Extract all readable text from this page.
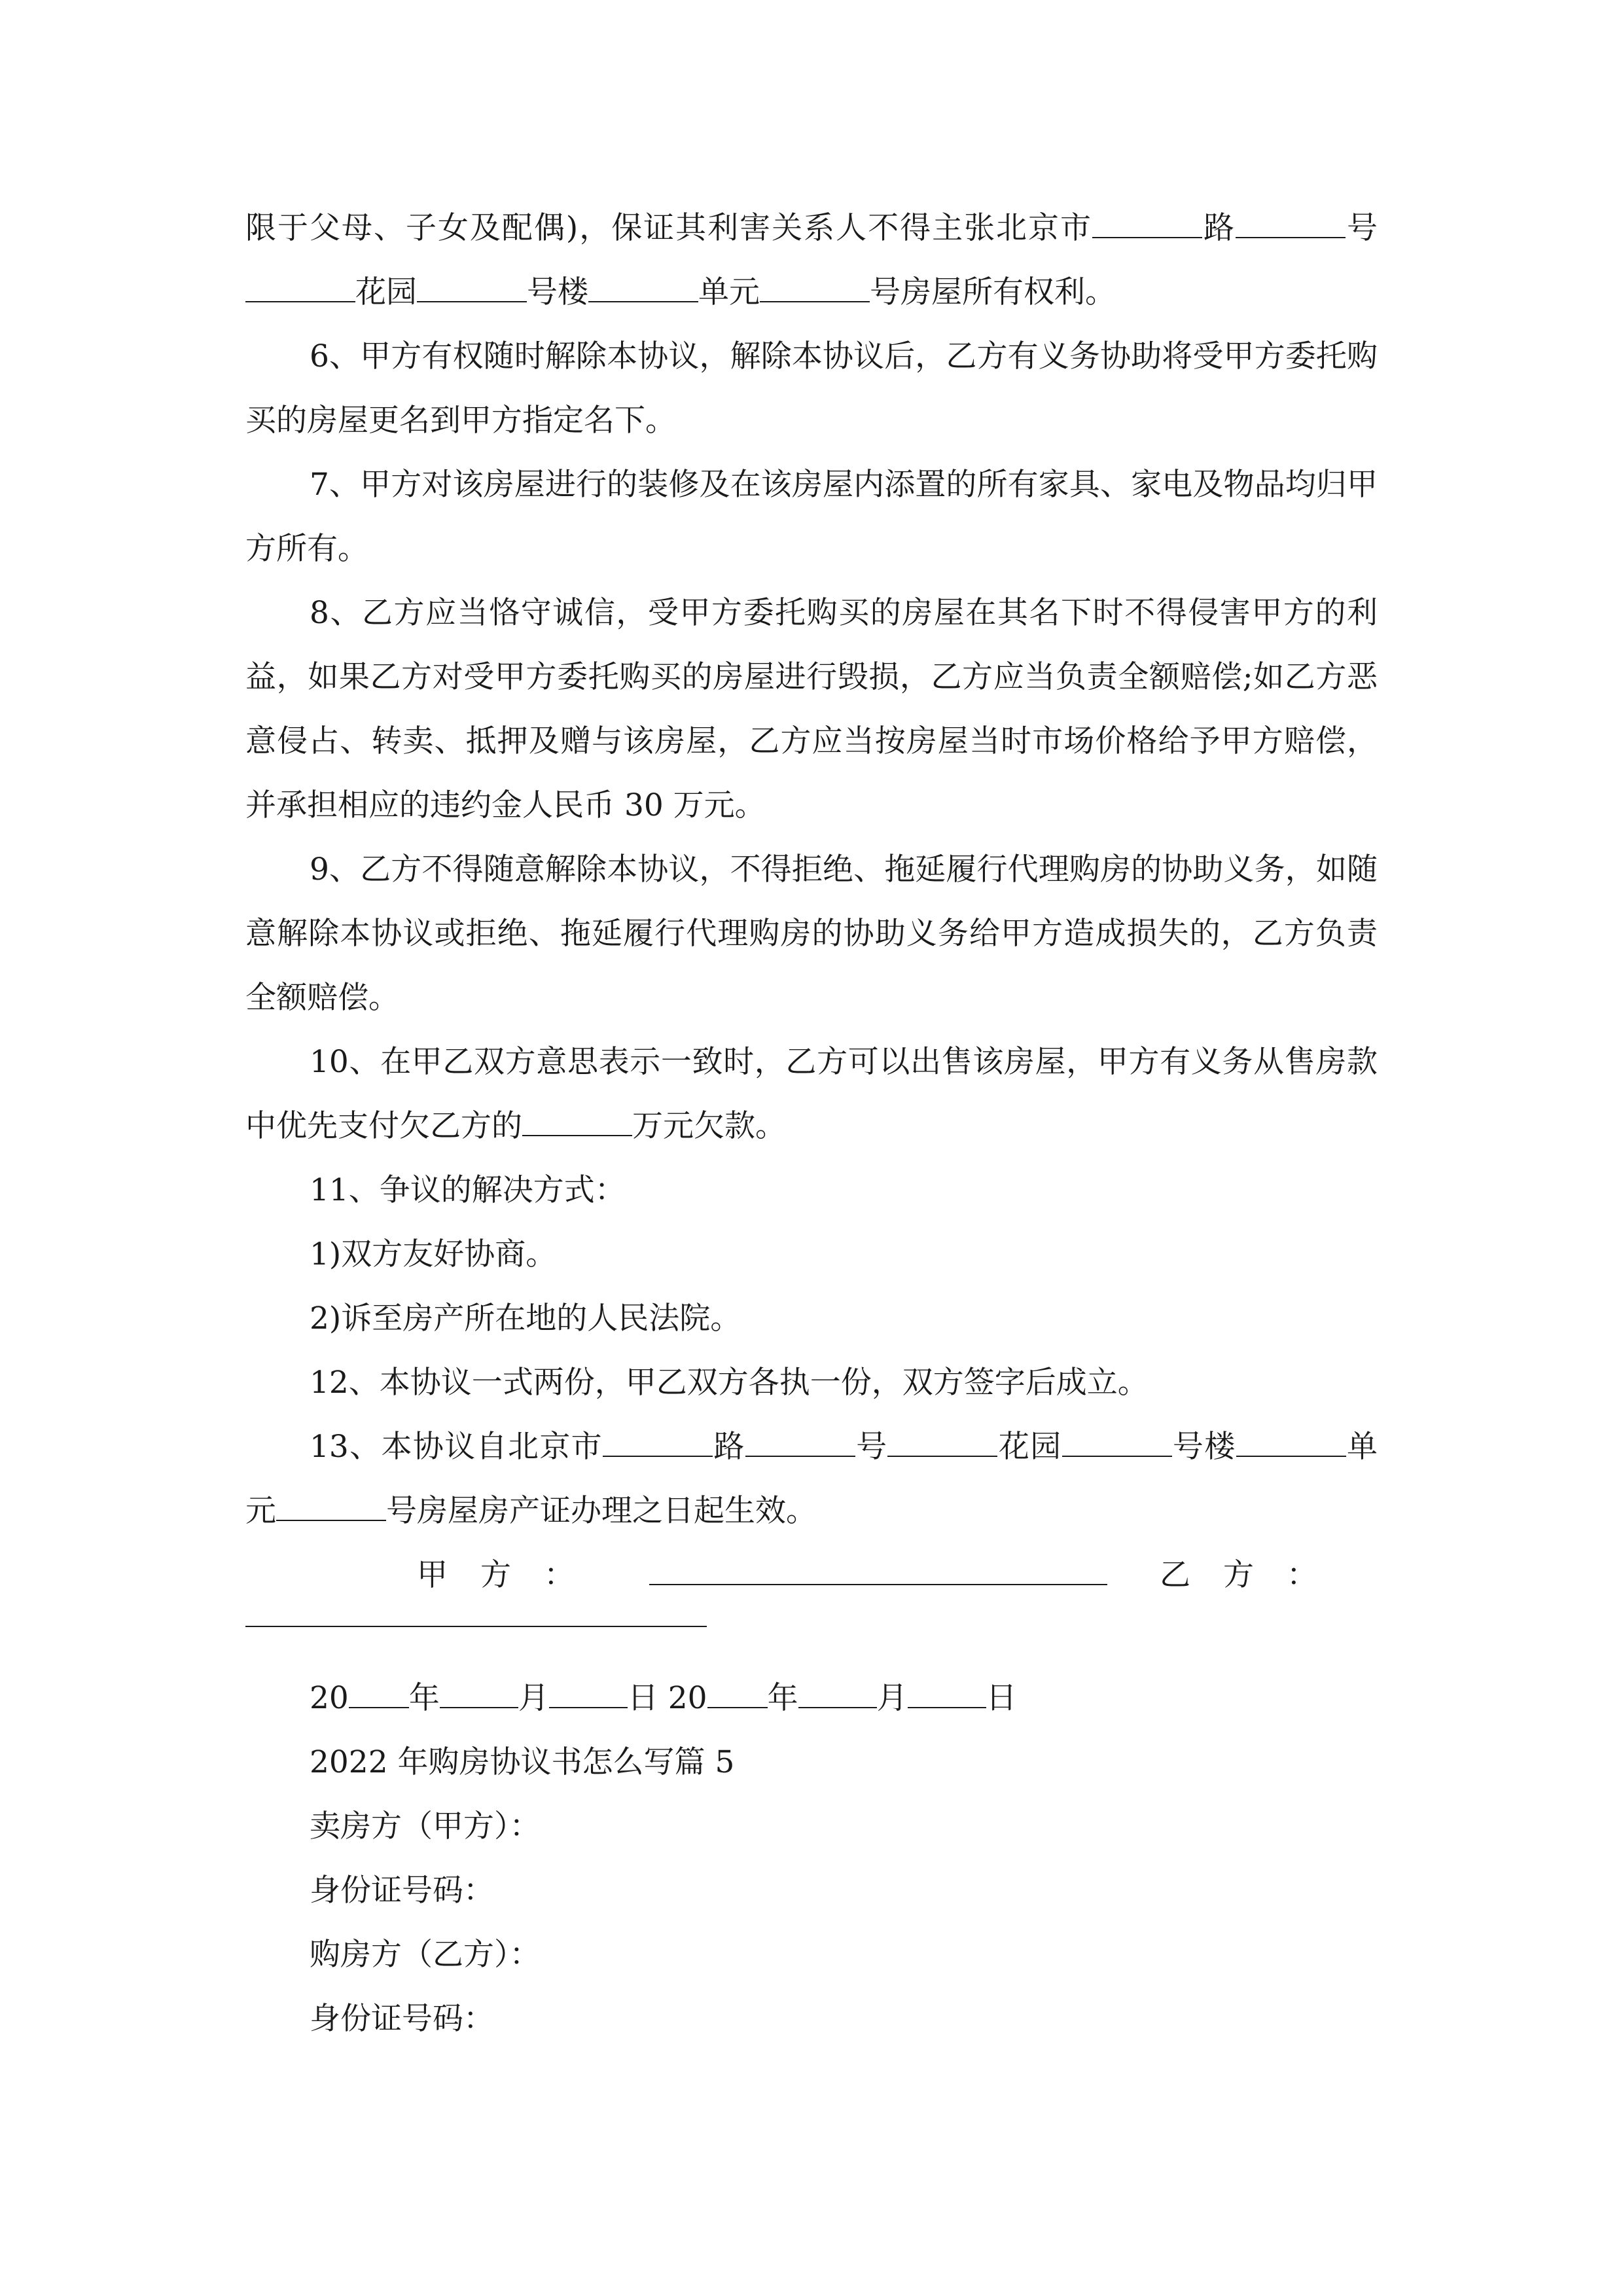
限于父母、子女及配偶)，保证其利害关系人不得主张北京市	路	号花园	号楼	单元	号房屋所有权利。

6、甲方有权随时解除本协议，解除本协议后，乙方有义务协助将受甲方委托购买的房屋更名到甲方指定名下。

7、甲方对该房屋进行的装修及在该房屋内添置的所有家具、家电及物品均归甲方所有。

8、乙方应当恪守诚信，受甲方委托购买的房屋在其名下时不得侵害甲方的利益，如果乙方对受甲方委托购买的房屋进行毁损，乙方应当负责全额赔偿;如乙方恶意侵占、转卖、抵押及赠与该房屋，乙方应当按房屋当时市场价格给予甲方赔偿，并承担相应的违约金人民币 30 万元。

9、乙方不得随意解除本协议，不得拒绝、拖延履行代理购房的协助义务，如随意解除本协议或拒绝、拖延履行代理购房的协助义务给甲方造成损失的，乙方负责全额赔偿。

10、在甲乙双方意思表示一致时，乙方可以出售该房屋，甲方有义务从售房款中优先支付欠乙方的	万元欠款。

11、争议的解决方式：

1)双方友好协商。

2)诉至房产所在地的人民法院。

12、本协议一式两份，甲乙双方各执一份，双方签字后成立。

13、本协议自北京市	路	号	花园	号楼	单元	号房屋房产证办理之日起生效。

甲方：	乙方：
20 年	月	日 20 年	月	日

2022 年购房协议书怎么写篇 5

卖房方（甲方）：

身份证号码：

购房方（乙方）：

身份证号码：
